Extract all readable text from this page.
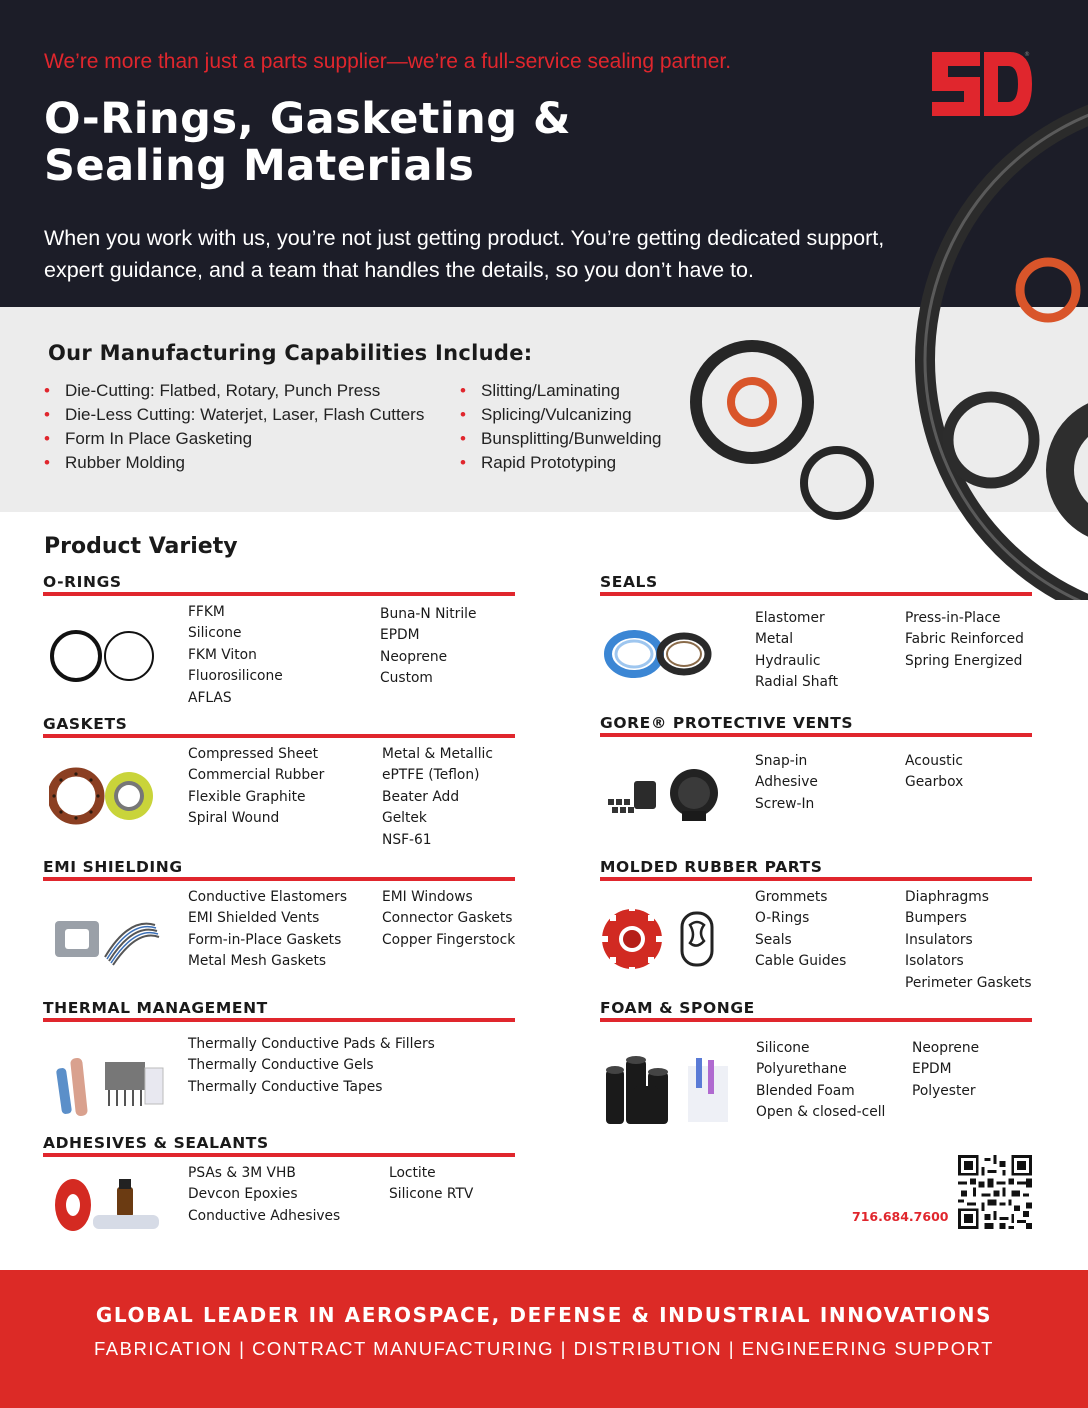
We’re more than just a parts supplier—we’re a full-service sealing partner.
O-Rings, Gasketing &
Sealing Materials
When you work with us, you’re not just getting product. You’re getting dedicated support, expert guidance, and a team that handles the details, so you don’t have to.
®
Our Manufacturing Capabilities Include:
• Die-Cutting: Flatbed, Rotary, Punch Press
• Die-Less Cutting: Waterjet, Laser, Flash Cutters
• Form In Place Gasketing
• Rubber Molding
• Slitting/Laminating
• Splicing/Vulcanizing
• Bunsplitting/Bunwelding
• Rapid Prototyping
Product Variety
O-RINGS
FFKM
Silicone
FKM Viton
Fluorosilicone
AFLAS
Buna-N Nitrile
EPDM
Neoprene
Custom
SEALS
Elastomer
Metal
Hydraulic
Radial Shaft
Press-in-Place
Fabric Reinforced
Spring Energized
GASKETS
Compressed Sheet
Commercial Rubber
Flexible Graphite
Spiral Wound
Metal & Metallic
ePTFE (Teflon)
Beater Add
Geltek
NSF-61
GORE® PROTECTIVE VENTS
Snap-in
Adhesive
Screw-In
Acoustic
Gearbox
EMI SHIELDING
Conductive Elastomers
EMI Shielded Vents
Form-in-Place Gaskets
Metal Mesh Gaskets
EMI Windows
Connector Gaskets
Copper Fingerstock
MOLDED RUBBER PARTS
Grommets
O-Rings
Seals
Cable Guides
Diaphragms
Bumpers
Insulators
Isolators
Perimeter Gaskets
THERMAL MANAGEMENT
Thermally Conductive Pads & Fillers
Thermally Conductive Gels
Thermally Conductive Tapes
FOAM & SPONGE
Silicone
Polyurethane
Blended Foam
Open & closed-cell
Neoprene
EPDM
Polyester
ADHESIVES & SEALANTS
PSAs & 3M VHB
Devcon Epoxies
Conductive Adhesives
Loctite
Silicone RTV
716.684.7600
GLOBAL LEADER IN AEROSPACE, DEFENSE & INDUSTRIAL INNOVATIONS
FABRICATION | CONTRACT MANUFACTURING | DISTRIBUTION | ENGINEERING SUPPORT
